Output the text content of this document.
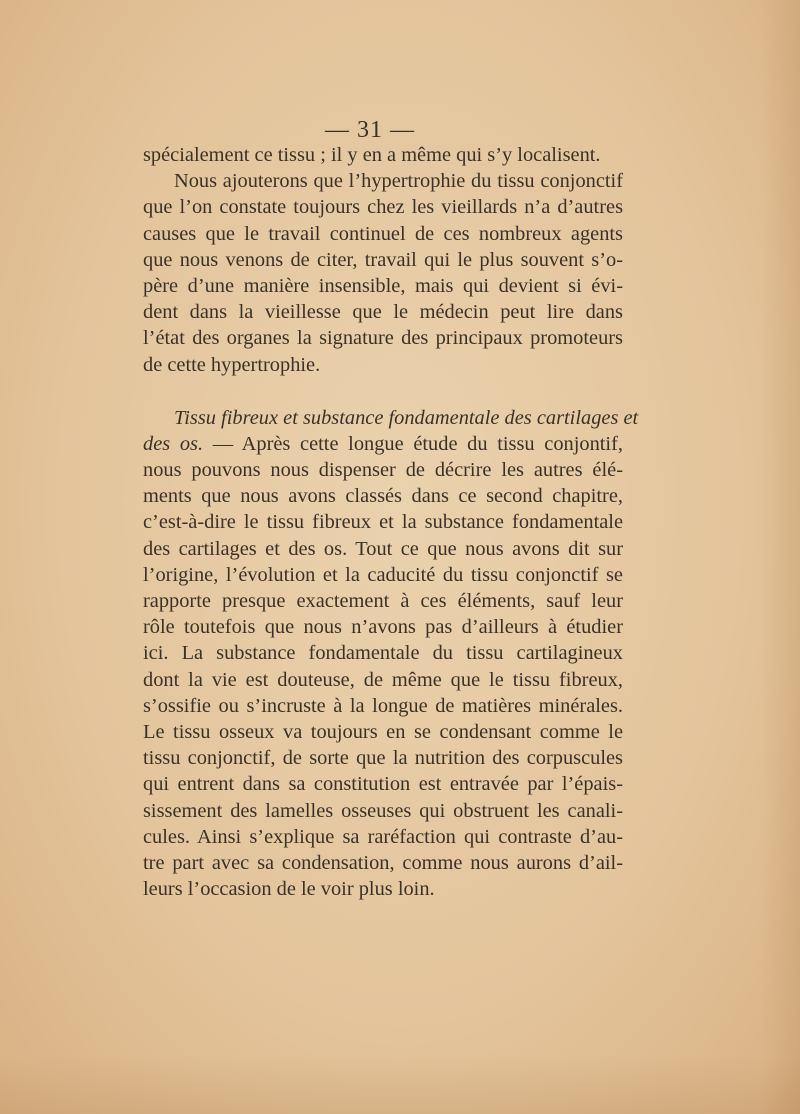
— 31 —
spécialement ce tissu ; il y en a même qui s’y localisent.
Nous ajouterons que l’hypertrophie du tissu conjonctif
que l’on constate toujours chez les vieillards n’a d’autres
causes que le travail continuel de ces nombreux agents
que nous venons de citer, travail qui le plus souvent s’o-
père d’une manière insensible, mais qui devient si évi-
dent dans la vieillesse que le médecin peut lire dans
l’état des organes la signature des principaux promoteurs
de cette hypertrophie.
Tissu fibreux et substance fondamentale des cartilages et
des os. — Après cette longue étude du tissu conjontif,
nous pouvons nous dispenser de décrire les autres élé-
ments que nous avons classés dans ce second chapitre,
c’est-à-dire le tissu fibreux et la substance fondamentale
des cartilages et des os. Tout ce que nous avons dit sur
l’origine, l’évolution et la caducité du tissu conjonctif se
rapporte presque exactement à ces éléments, sauf leur
rôle toutefois que nous n’avons pas d’ailleurs à étudier
ici. La substance fondamentale du tissu cartilagineux
dont la vie est douteuse, de même que le tissu fibreux,
s’ossifie ou s’incruste à la longue de matières minérales.
Le tissu osseux va toujours en se condensant comme le
tissu conjonctif, de sorte que la nutrition des corpuscules
qui entrent dans sa constitution est entravée par l’épais-
sissement des lamelles osseuses qui obstruent les canali-
cules. Ainsi s’explique sa raréfaction qui contraste d’au-
tre part avec sa condensation, comme nous aurons d’ail-
leurs l’occasion de le voir plus loin.
